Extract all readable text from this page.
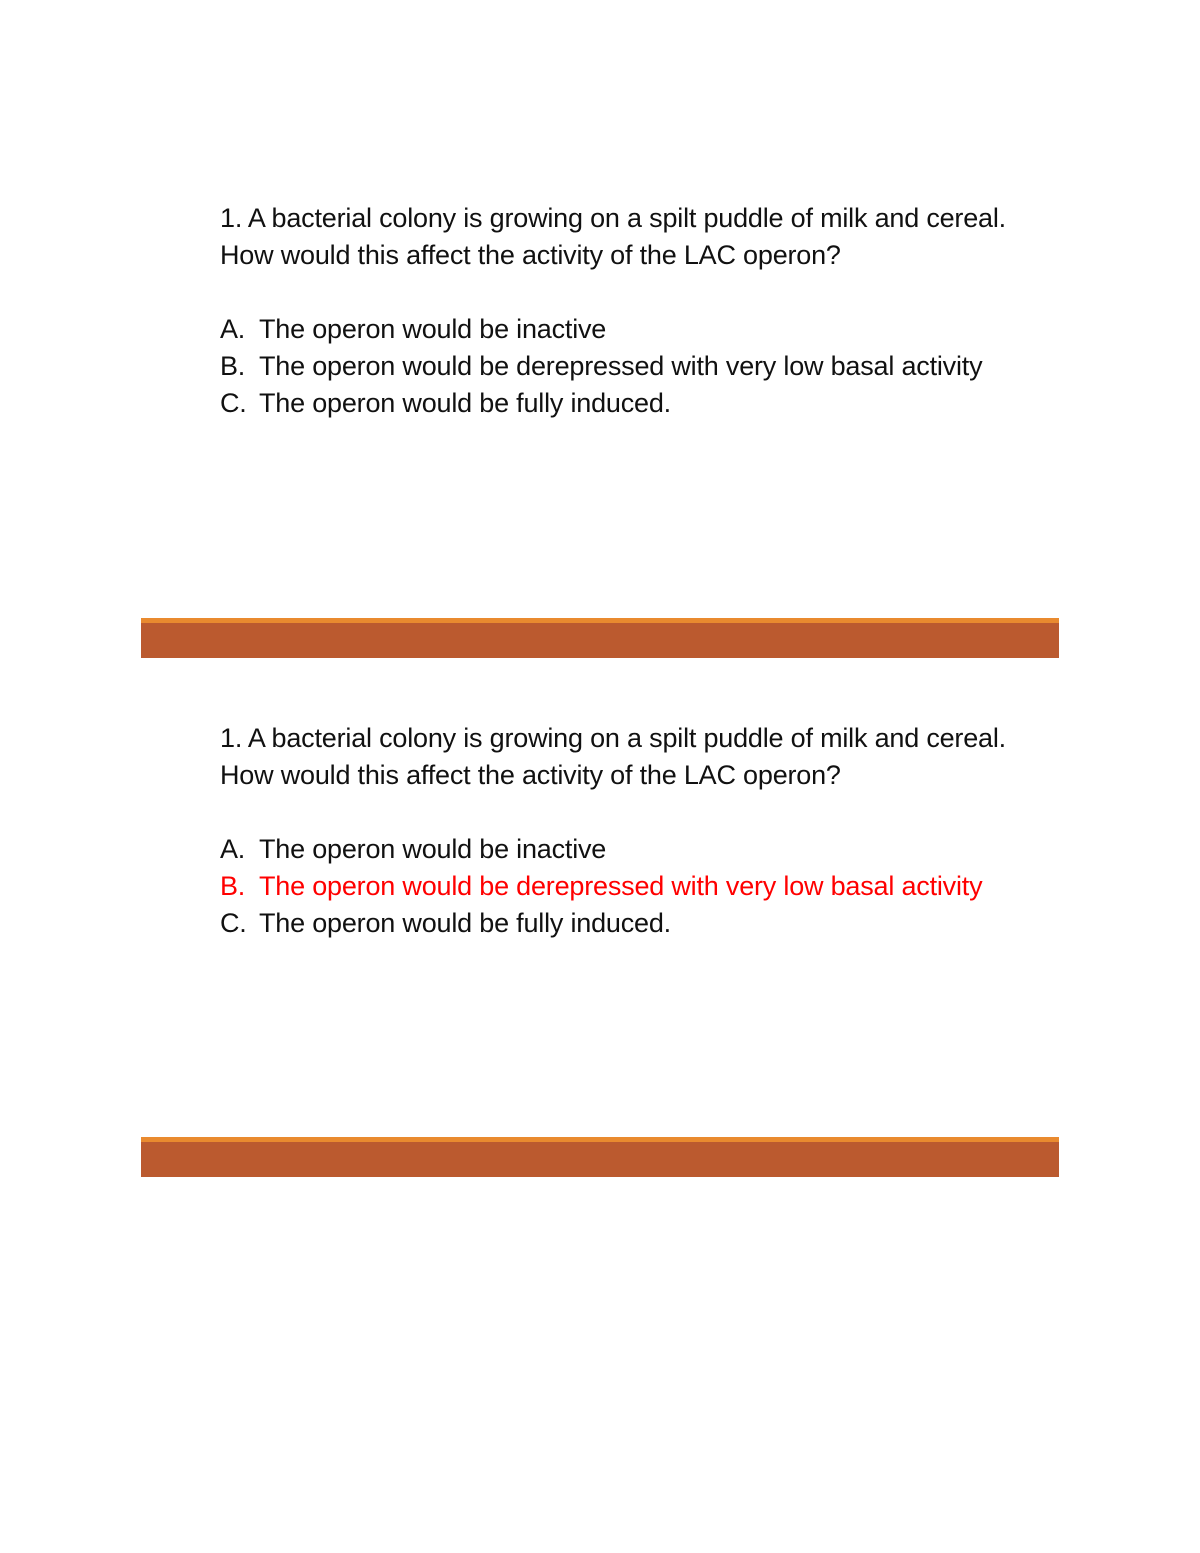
1. A bacterial colony is growing on a spilt puddle of milk and cereal. How would this affect the activity of the LAC operon?

A. The operon would be inactive
B. The operon would be derepressed with very low basal activity
C. The operon would be fully induced.

1. A bacterial colony is growing on a spilt puddle of milk and cereal. How would this affect the activity of the LAC operon?

A. The operon would be inactive
B. The operon would be derepressed with very low basal activity
C. The operon would be fully induced.
